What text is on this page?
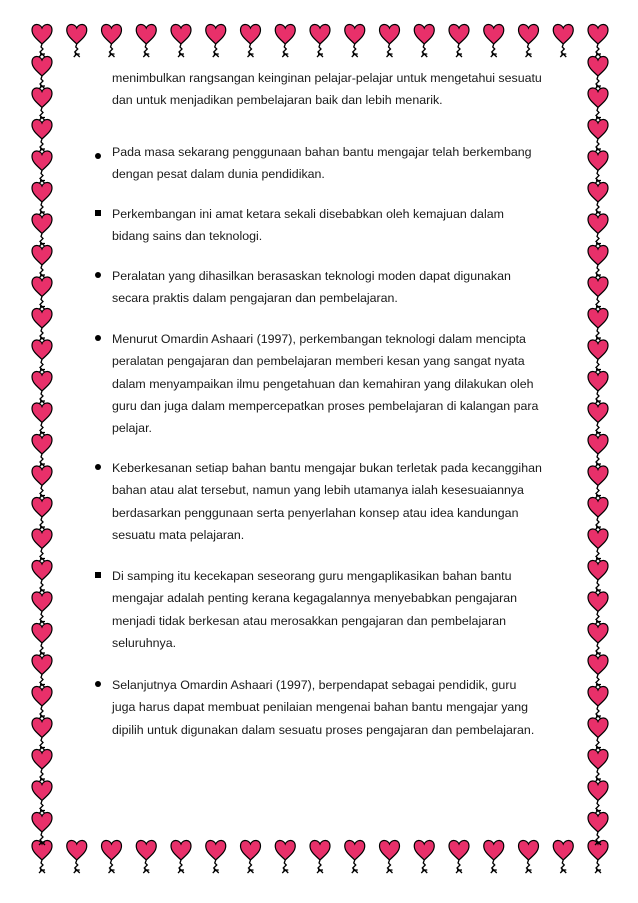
menimbulkan rangsangan keinginan pelajar-pelajar untuk mengetahui sesuatu
dan untuk menjadikan pembelajaran baik dan lebih menarik.
Pada masa sekarang penggunaan bahan bantu mengajar telah berkembang
dengan pesat dalam dunia pendidikan.
Perkembangan ini amat ketara sekali disebabkan oleh kemajuan dalam
bidang sains dan teknologi.
Peralatan yang dihasilkan berasaskan teknologi moden dapat digunakan
secara praktis dalam pengajaran dan pembelajaran.
Menurut Omardin Ashaari (1997), perkembangan teknologi dalam mencipta
peralatan pengajaran dan pembelajaran memberi kesan yang sangat nyata
dalam menyampaikan ilmu pengetahuan dan kemahiran yang dilakukan oleh
guru dan juga dalam mempercepatkan proses pembelajaran di kalangan para
pelajar.
Keberkesanan setiap bahan bantu mengajar bukan terletak pada kecanggihan
bahan atau alat tersebut, namun yang lebih utamanya ialah kesesuaiannya
berdasarkan penggunaan serta penyerlahan konsep atau idea kandungan
sesuatu mata pelajaran.
Di samping itu kecekapan seseorang guru mengaplikasikan bahan bantu
mengajar adalah penting kerana kegagalannya menyebabkan pengajaran
menjadi tidak berkesan atau merosakkan pengajaran dan pembelajaran
seluruhnya.
Selanjutnya Omardin Ashaari (1997), berpendapat sebagai pendidik, guru
juga harus dapat membuat penilaian mengenai bahan bantu mengajar yang
dipilih untuk digunakan dalam sesuatu proses pengajaran dan pembelajaran.
